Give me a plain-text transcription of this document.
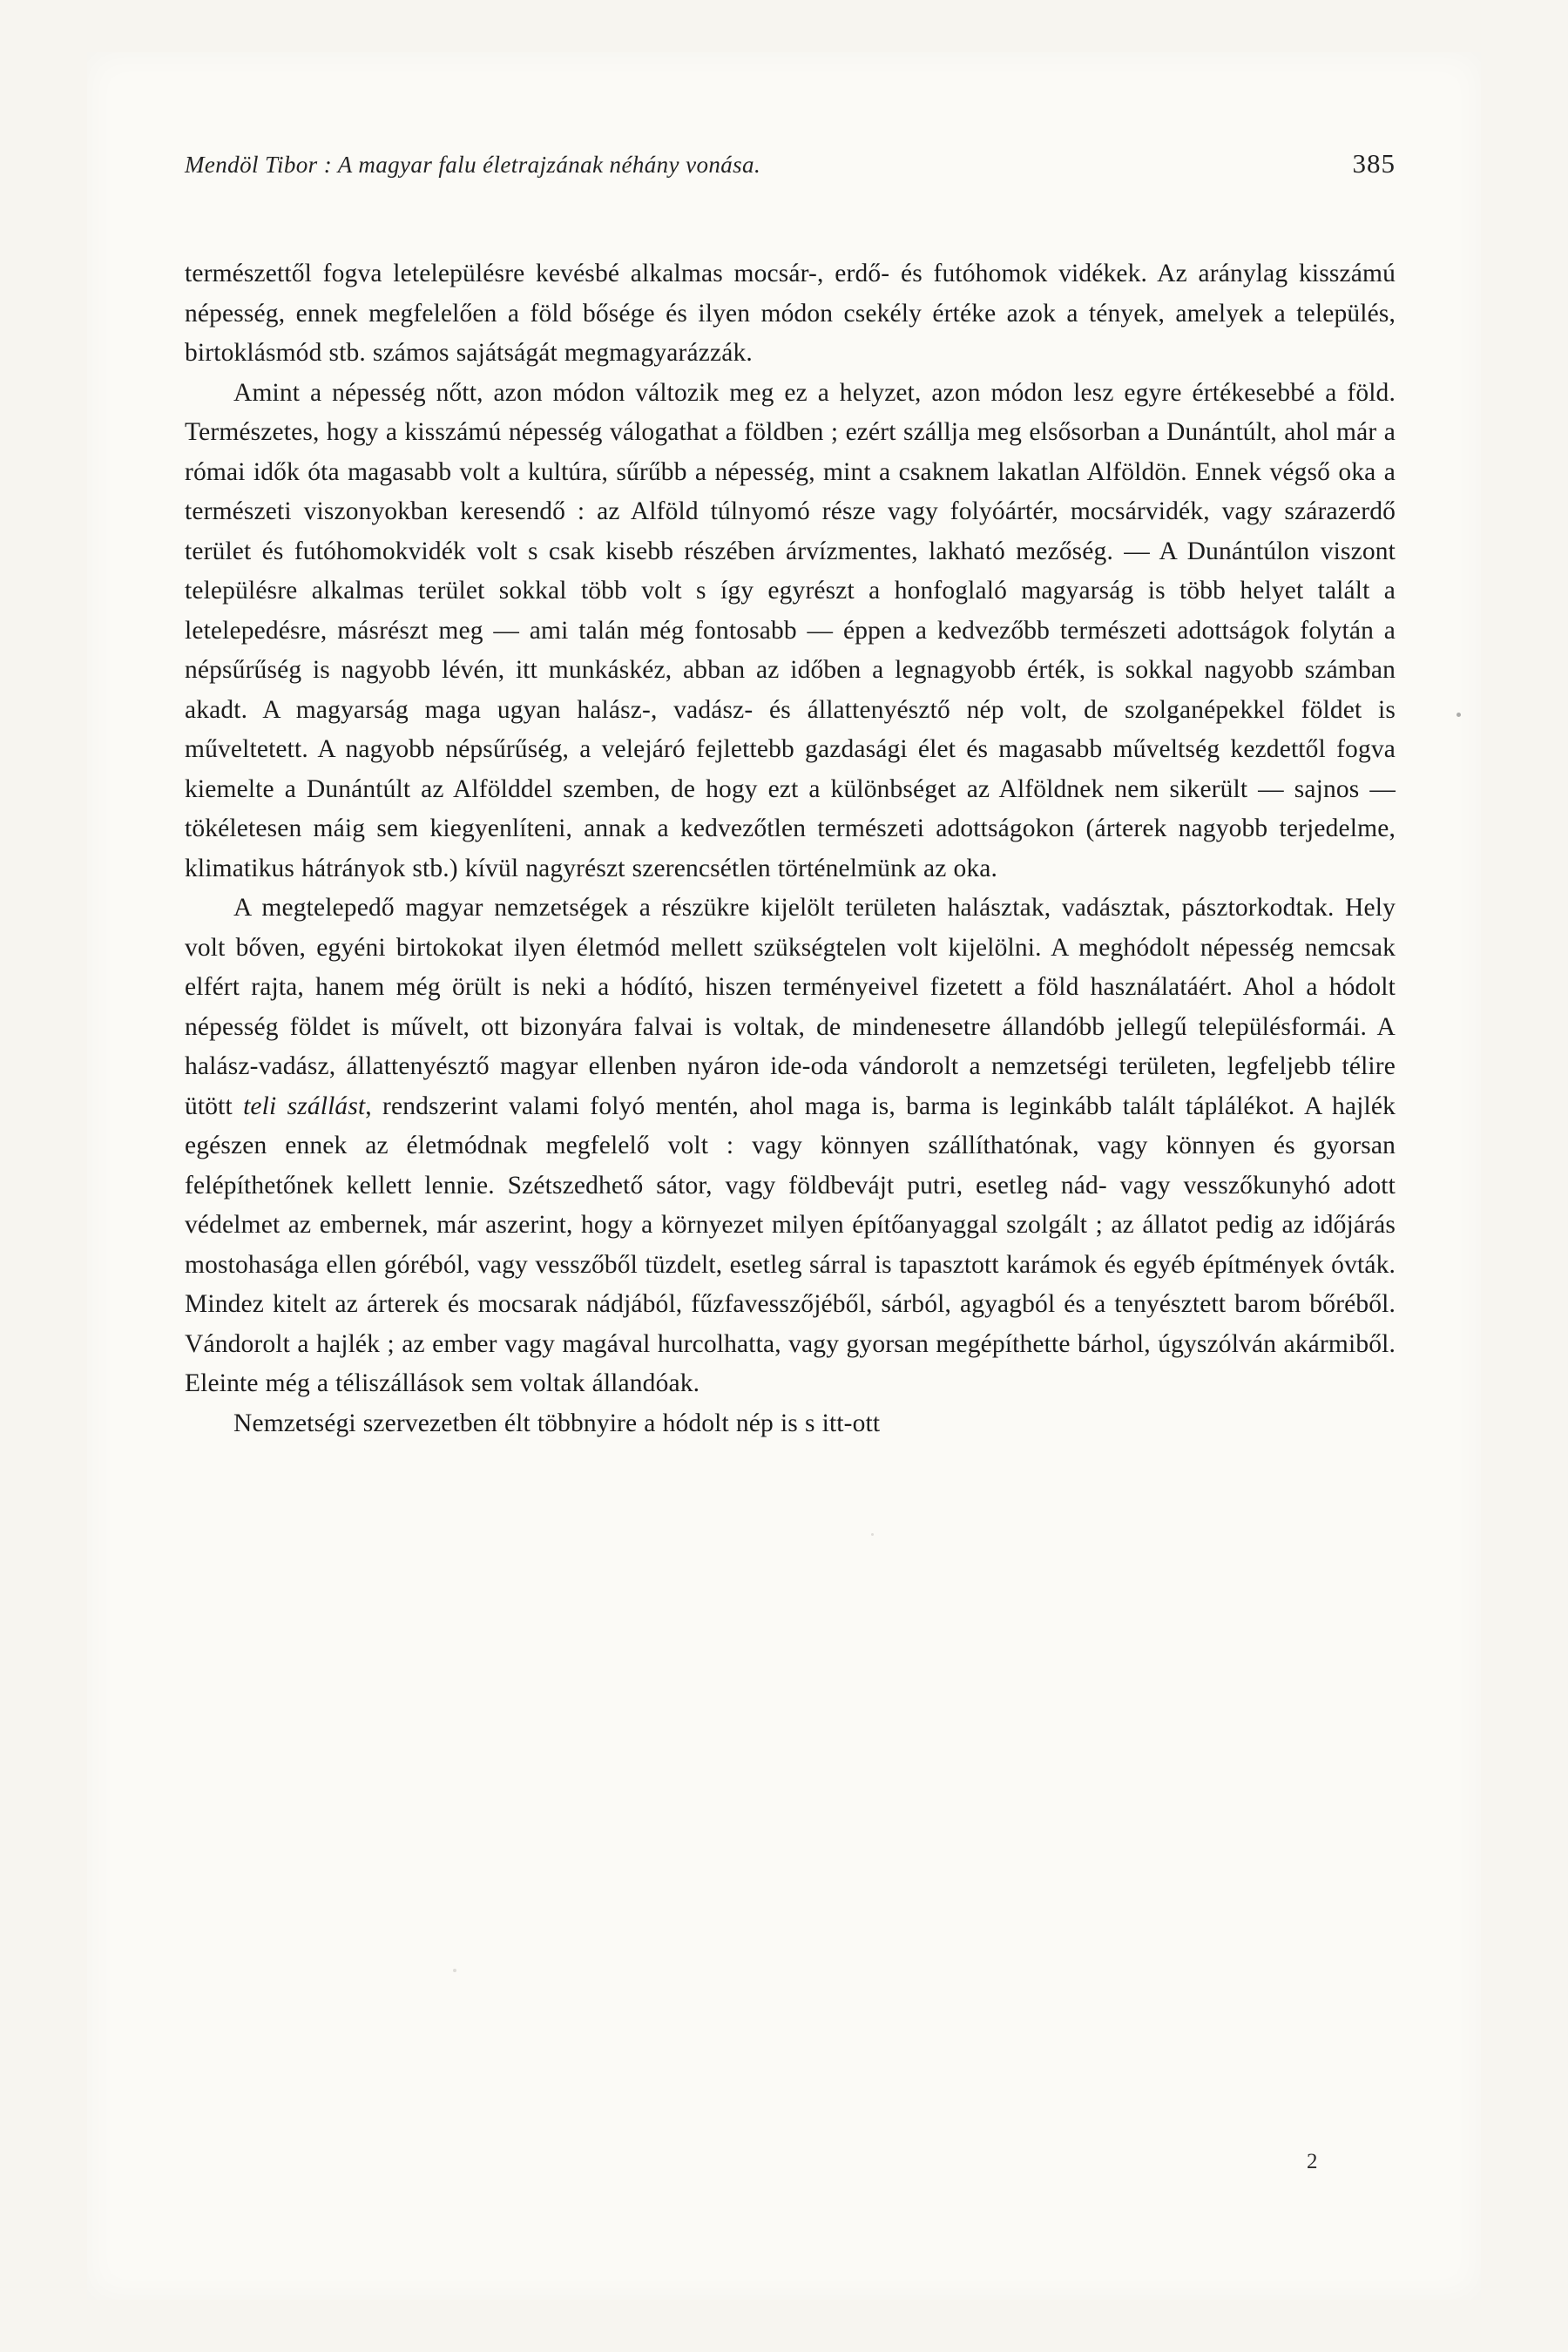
Mendöl Tibor : A magyar falu életrajzának néhány vonása.	385

természettől fogva letelepülésre kevésbé alkalmas mocsár-, erdő- és futóhomok vidékek. Az aránylag kisszámú népesség, ennek megfelelően a föld bősége és ilyen módon csekély értéke azok a tények, amelyek a település, birtoklásmód stb. számos sajátságát megmagyarázzák.

Amint a népesség nőtt, azon módon változik meg ez a helyzet, azon módon lesz egyre értékesebbé a föld. Természetes, hogy a kisszámú népesség válogathat a földben ; ezért szállja meg elsősorban a Dunántúlt, ahol már a római idők óta magasabb volt a kultúra, sűrűbb a népesség, mint a csaknem lakatlan Alföldön. Ennek végső oka a természeti viszonyokban keresendő : az Alföld túlnyomó része vagy folyóártér, mocsárvidék, vagy szárazerdő terület és futóhomokvidék volt s csak kisebb részében árvízmentes, lakható mezőség. — A Dunántúlon viszont településre alkalmas terület sokkal több volt s így egyrészt a honfoglaló magyarság is több helyet talált a letelepedésre, másrészt meg — ami talán még fontosabb — éppen a kedvezőbb természeti adottságok folytán a népsűrűség is nagyobb lévén, itt munkáskéz, abban az időben a legnagyobb érték, is sokkal nagyobb számban akadt. A magyarság maga ugyan halász-, vadász- és állattenyésztő nép volt, de szolganépekkel földet is műveltetett. A nagyobb népsűrűség, a velejáró fejlettebb gazdasági élet és magasabb műveltség kezdettől fogva kiemelte a Dunántúlt az Alfölddel szemben, de hogy ezt a különbséget az Alföldnek nem sikerült — sajnos — tökéletesen máig sem kiegyenlíteni, annak a kedvezőtlen természeti adottságokon (árterek nagyobb terjedelme, klimatikus hátrányok stb.) kívül nagyrészt szerencsétlen történelmünk az oka.

A megtelepedő magyar nemzetségek a részükre kijelölt területen halásztak, vadásztak, pásztorkodtak. Hely volt bőven, egyéni birtokokat ilyen életmód mellett szükségtelen volt kijelölni. A meghódolt népesség nemcsak elfért rajta, hanem még örült is neki a hódító, hiszen terményeivel fizetett a föld használatáért. Ahol a hódolt népesség földet is művelt, ott bizonyára falvai is voltak, de mindenesetre állandóbb jellegű településformái. A halász-vadász, állattenyésztő magyar ellenben nyáron ide-oda vándorolt a nemzetségi területen, legfeljebb télire ütött teli szállást, rendszerint valami folyó mentén, ahol maga is, barma is leginkább talált táplálékot. A hajlék egészen ennek az életmódnak megfelelő volt : vagy könnyen szállíthatónak, vagy könnyen és gyorsan felépíthetőnek kellett lennie. Szétszedhető sátor, vagy földbevájt putri, esetleg nád- vagy vesszőkunyhó adott védelmet az embernek, már aszerint, hogy a környezet milyen építőanyaggal szolgált ; az állatot pedig az időjárás mostohasága ellen góréból, vagy vesszőből tüzdelt, esetleg sárral is tapasztott karámok és egyéb építmények óvták. Mindez kitelt az árterek és mocsarak nádjából, fűzfavesszőjéből, sárból, agyagból és a tenyésztett barom bőréből. Vándorolt a hajlék ; az ember vagy magával hurcolhatta, vagy gyorsan megépíthette bárhol, úgyszólván akármiből. Eleinte még a téliszállások sem voltak állandóak.

Nemzetségi szervezetben élt többnyire a hódolt nép is s itt-ott

2
